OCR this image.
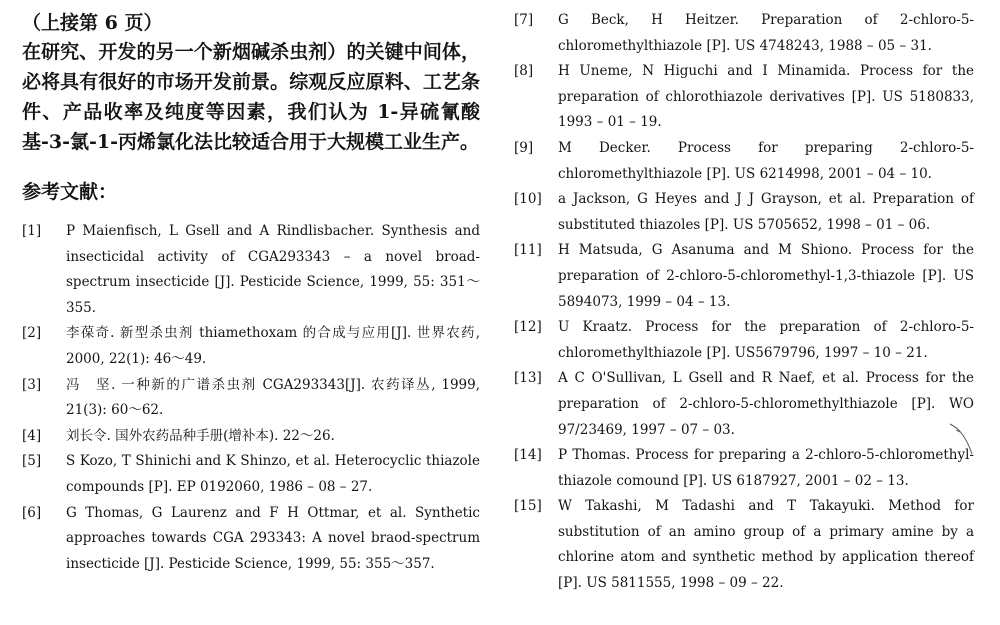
（上接第 6 页）

在研究、开发的另一个新烟碱杀虫剂）的关键中间体，必将具有很好的市场开发前景。综观反应原料、工艺条件、产品收率及纯度等因素，我们认为 1-异硫氰酸基-3-氯-1-丙烯氯化法比较适合用于大规模工业生产。

参考文献：
[1]	P Maienfisch, L Gsell and A Rindlisbacher. Synthesis and insecticidal activity of CGA293343 – a novel broad-spectrum insecticide [J]. Pesticide Science, 1999, 55: 351～355.
[2]	李葆奇. 新型杀虫剂 thiamethoxam 的合成与应用[J]. 世界农药, 2000, 22(1): 46～49.
[3]	冯　坚. 一种新的广谱杀虫剂 CGA293343[J]. 农药译丛, 1999, 21(3): 60～62.
[4]	刘长令. 国外农药品种手册(增补本). 22～26.
[5]	S Kozo, T Shinichi and K Shinzo, et al. Heterocyclic thiazole compounds [P]. EP 0192060, 1986 – 08 – 27.
[6]	G Thomas, G Laurenz and F H Ottmar, et al. Synthetic approaches towards CGA 293343: A novel braod-spectrum insecticide [J]. Pesticide Science, 1999, 55: 355～357.
[7]	G Beck, H Heitzer. Preparation of 2-chloro-5-chloromethylthiazole [P]. US 4748243, 1988 – 05 – 31.
[8]	H Uneme, N Higuchi and I Minamida. Process for the preparation of chlorothiazole derivatives [P]. US 5180833, 1993 – 01 – 19.
[9]	M Decker. Process for preparing 2-chloro-5-chloromethylthiazole [P]. US 6214998, 2001 – 04 – 10.
[10]	a Jackson, G Heyes and J J Grayson, et al. Preparation of substituted thiazoles [P]. US 5705652, 1998 – 01 – 06.
[11]	H Matsuda, G Asanuma and M Shiono. Process for the preparation of 2-chloro-5-chloromethyl-1,3-thiazole [P]. US 5894073, 1999 – 04 – 13.
[12]	U Kraatz. Process for the preparation of 2-chloro-5-chloromethylthiazole [P]. US5679796, 1997 – 10 – 21.
[13]	A C O'Sullivan, L Gsell and R Naef, et al. Process for the preparation of 2-chloro-5-chloromethylthiazole [P]. WO 97/23469, 1997 – 07 – 03.
[14]	P Thomas. Process for preparing a 2-chloro-5-chloromethyl-thiazole comound [P]. US 6187927, 2001 – 02 – 13.
[15]	W Takashi, M Tadashi and T Takayuki. Method for substitution of an amino group of a primary amine by a chlorine atom and synthetic method by application thereof [P]. US 5811555, 1998 – 09 – 22.
